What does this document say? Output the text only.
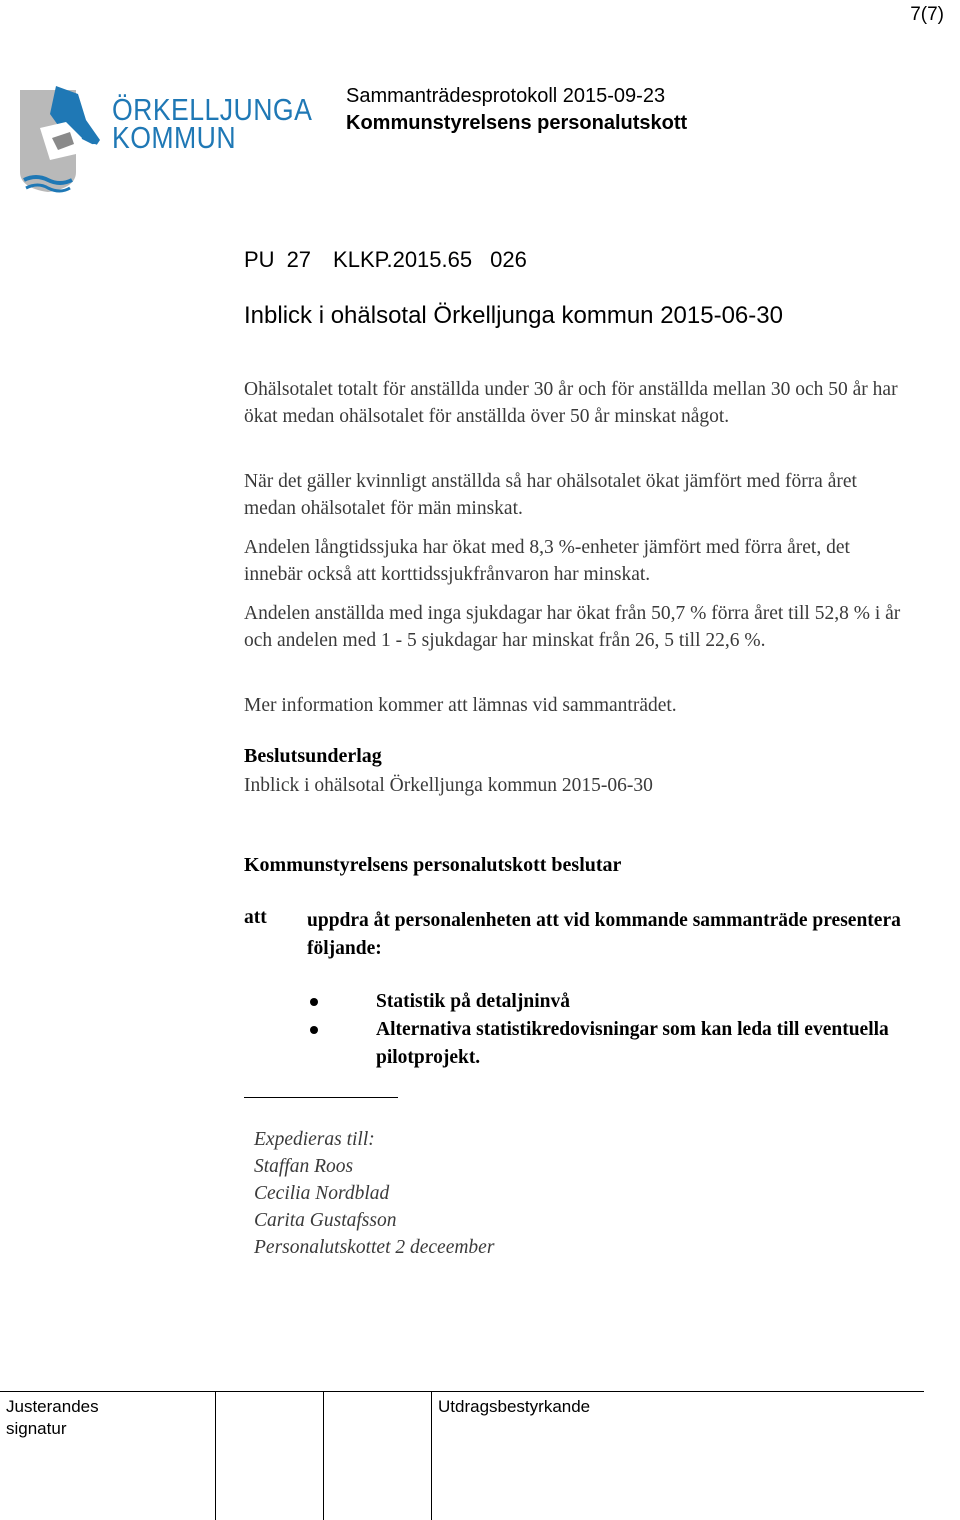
7(7)
ÖRKELLJUNGA
KOMMUN
Sammanträdesprotokoll 2015-09-23
Kommunstyrelsens personalutskott
PU 27 KLKP.2015.65 026
Inblick i ohälsotal Örkelljunga kommun 2015-06-30
Ohälsotalet totalt för anställda under 30 år och för anställda mellan 30 och 50 år har ökat medan ohälsotalet för anställda över 50 år minskat något.
När det gäller kvinnligt anställda så har ohälsotalet ökat jämfört med förra året medan ohälsotalet för män minskat.
Andelen långtidssjuka har ökat med 8,3 %-enheter jämfört med förra året, det innebär också att korttidssjukfrånvaron har minskat.
Andelen anställda med inga sjukdagar har ökat från 50,7 % förra året till 52,8 % i år och andelen med 1 - 5 sjukdagar har minskat från 26, 5 till 22,6 %.
Mer information kommer att lämnas vid sammanträdet.
Beslutsunderlag
Inblick i ohälsotal Örkelljunga kommun 2015-06-30
Kommunstyrelsens personalutskott beslutar
att uppdra åt personalenheten att vid kommande sammanträde presentera följande:
Statistik på detaljninvå
Alternativa statistikredovisningar som kan leda till eventuella pilotprojekt.
Expedieras till:
Staffan Roos
Cecilia Nordblad
Carita Gustafsson
Personalutskottet 2 deceember
Justerandes
signatur
Utdragsbestyrkande
